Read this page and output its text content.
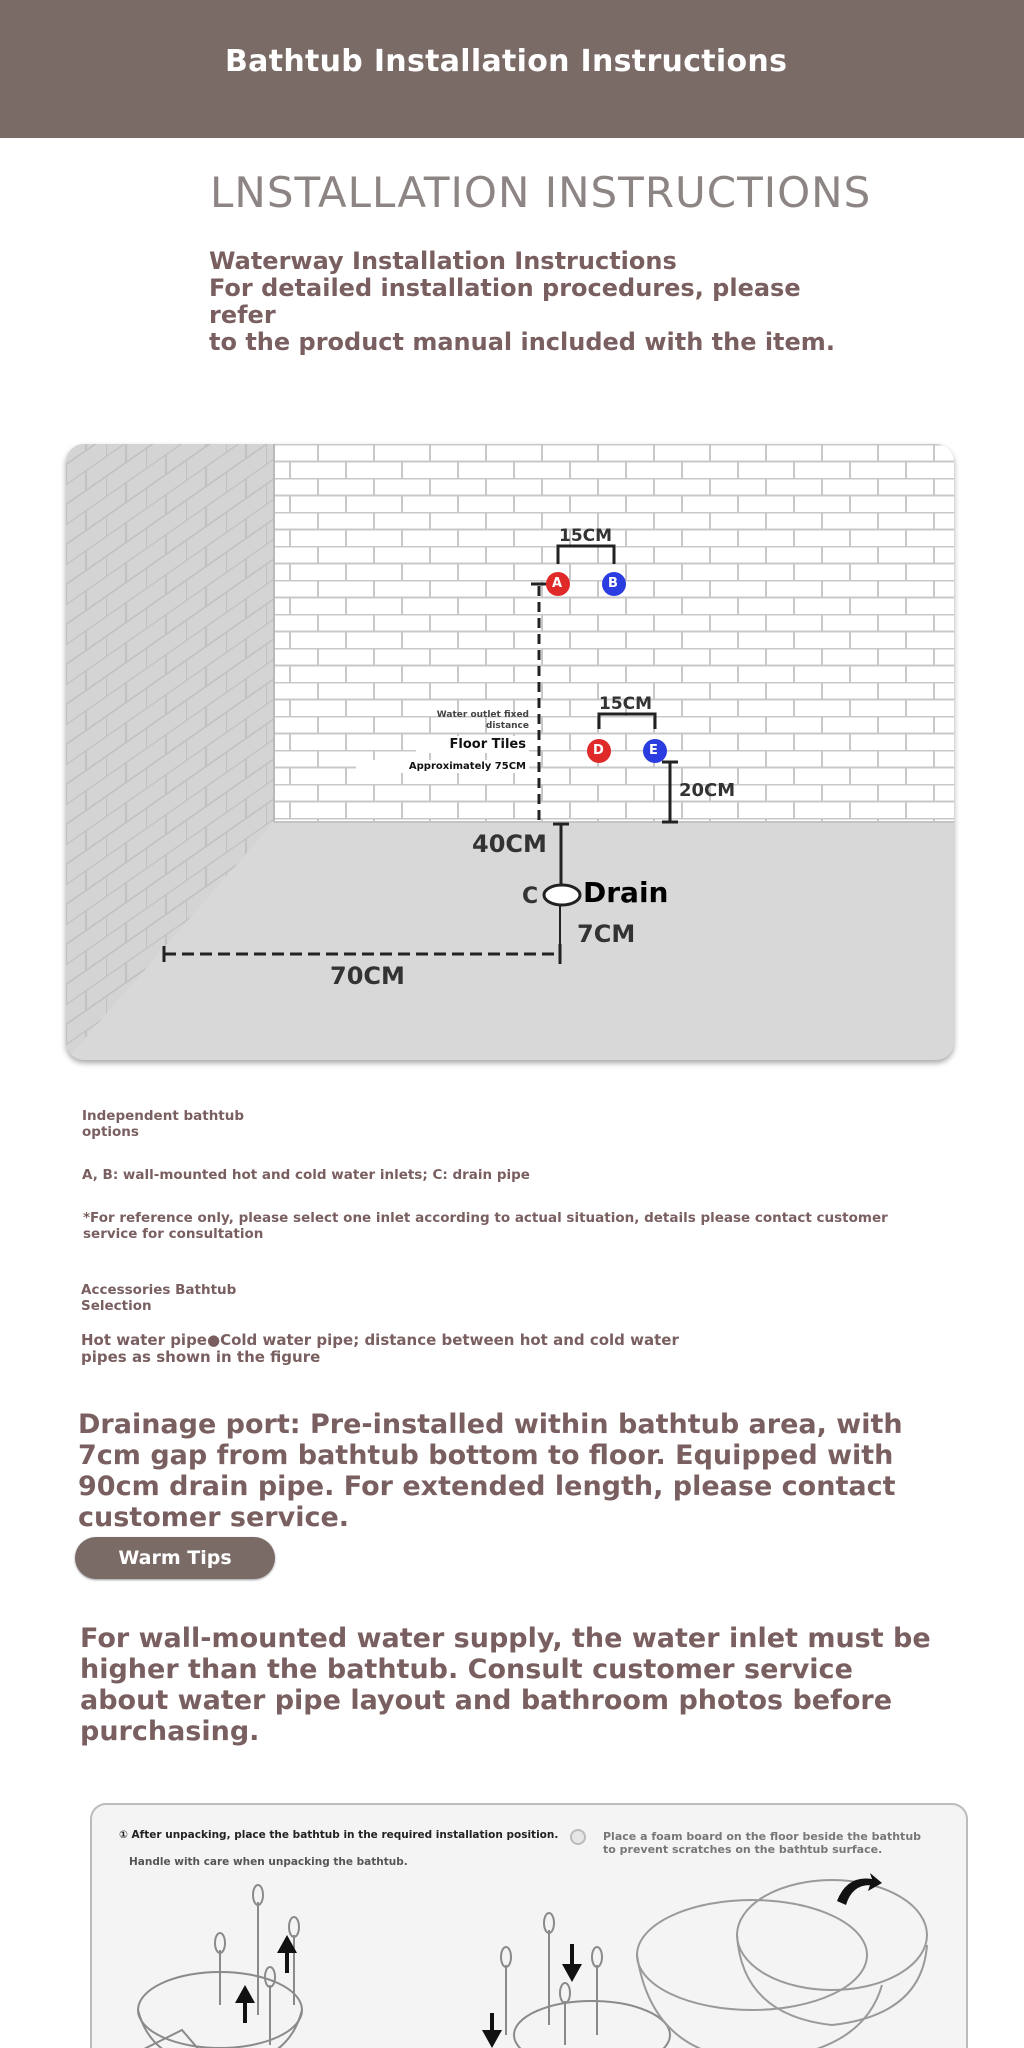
Bathtub Installation Instructions
LNSTALLATION INSTRUCTIONS
Waterway Installation Instructions
For detailed installation procedures, please refer
to the product manual included with the item.
A	B
D	E
15CM
15CM
20CM
40CM
7CM
70CM
C Drain
Water outlet fixed
distance
Floor Tiles
Approximately 75CM
Independent bathtub
options
A, B: wall-mounted hot and cold water inlets; C: drain pipe
*For reference only, please select one inlet according to actual situation, details please contact customer
service for consultation
Accessories Bathtub
Selection
Hot water pipe●Cold water pipe; distance between hot and cold water
pipes as shown in the figure
Drainage port: Pre-installed within bathtub area, with 7cm gap from bathtub bottom to floor. Equipped with 90cm drain pipe. For extended length, please contact customer service.
Warm Tips
For wall-mounted water supply, the water inlet must be higher than the bathtub. Consult customer service about water pipe layout and bathroom photos before purchasing.
① After unpacking, place the bathtub in the required installation position.
Handle with care when unpacking the bathtub.
Place a foam board on the floor beside the bathtub to prevent scratches on the bathtub surface.
